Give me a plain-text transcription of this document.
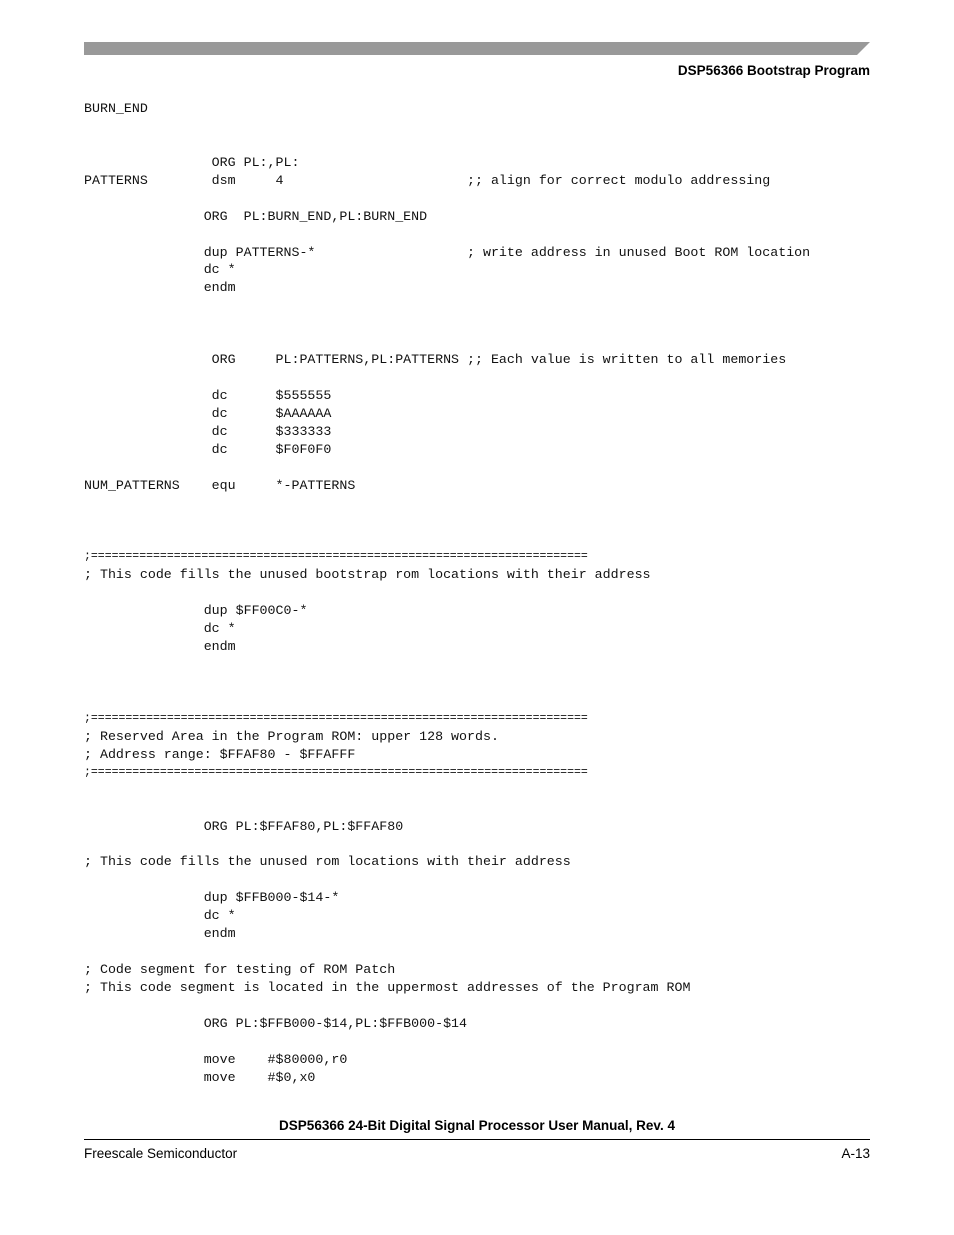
DSP56366 Bootstrap Program
BURN_END
ORG PL:,PL:
PATTERNS        dsm     4                       ;; align for correct modulo addressing
ORG  PL:BURN_END,PL:BURN_END
dup PATTERNS-*                   ; write address in unused Boot ROM location
dc *
endm
ORG     PL:PATTERNS,PL:PATTERNS ;; Each value is written to all memories
dc      $555555
dc      $AAAAAA
dc      $333333
dc      $F0F0F0
NUM_PATTERNS    equ     *-PATTERNS
;========================================================================
; This code fills the unused bootstrap rom locations with their address
dup $FF00C0-*
dc *
endm
;========================================================================
; Reserved Area in the Program ROM: upper 128 words.
; Address range: $FFAF80 - $FFAFFF
;========================================================================
ORG PL:$FFAF80,PL:$FFAF80
; This code fills the unused rom locations with their address
dup $FFB000-$14-*
dc *
endm
; Code segment for testing of ROM Patch
; This code segment is located in the uppermost addresses of the Program ROM
ORG PL:$FFB000-$14,PL:$FFB000-$14
move    #$80000,r0
move    #$0,x0
DSP56366 24-Bit Digital Signal Processor User Manual, Rev. 4
Freescale Semiconductor	A-13
